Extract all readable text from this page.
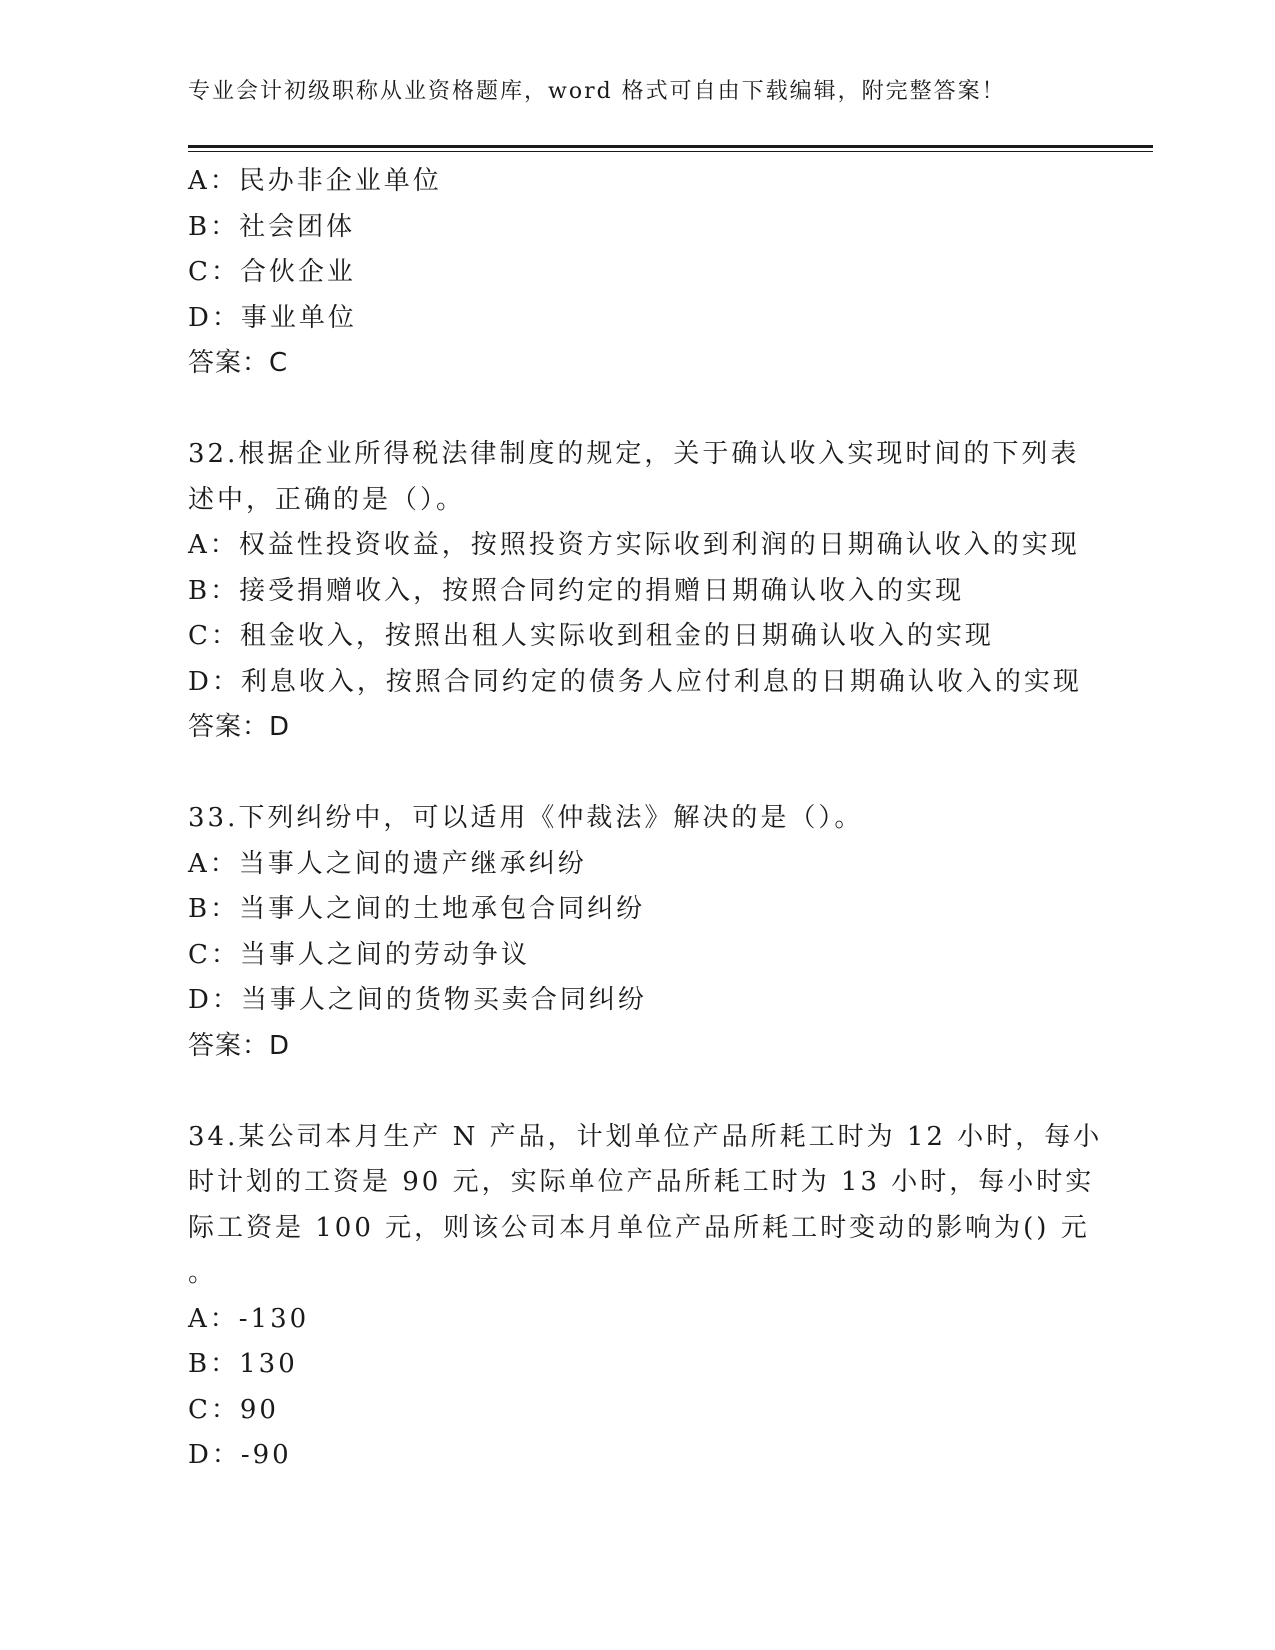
专业会计初级职称从业资格题库，word 格式可自由下载编辑，附完整答案！
A：民办非企业单位
B：社会团体
C：合伙企业
D：事业单位
答案：C
32.根据企业所得税法律制度的规定，关于确认收入实现时间的下列表
述中，正确的是（）。
A：权益性投资收益，按照投资方实际收到利润的日期确认收入的实现
B：接受捐赠收入，按照合同约定的捐赠日期确认收入的实现
C：租金收入，按照出租人实际收到租金的日期确认收入的实现
D：利息收入，按照合同约定的债务人应付利息的日期确认收入的实现
答案：D
33.下列纠纷中，可以适用《仲裁法》解决的是（）。
A：当事人之间的遗产继承纠纷
B：当事人之间的土地承包合同纠纷
C：当事人之间的劳动争议
D：当事人之间的货物买卖合同纠纷
答案：D
34.某公司本月生产 N 产品，计划单位产品所耗工时为 12 小时，每小
时计划的工资是 90 元，实际单位产品所耗工时为 13 小时，每小时实
际工资是 100 元，则该公司本月单位产品所耗工时变动的影响为() 元
。
A：-130
B：130
C：90
D：-90
